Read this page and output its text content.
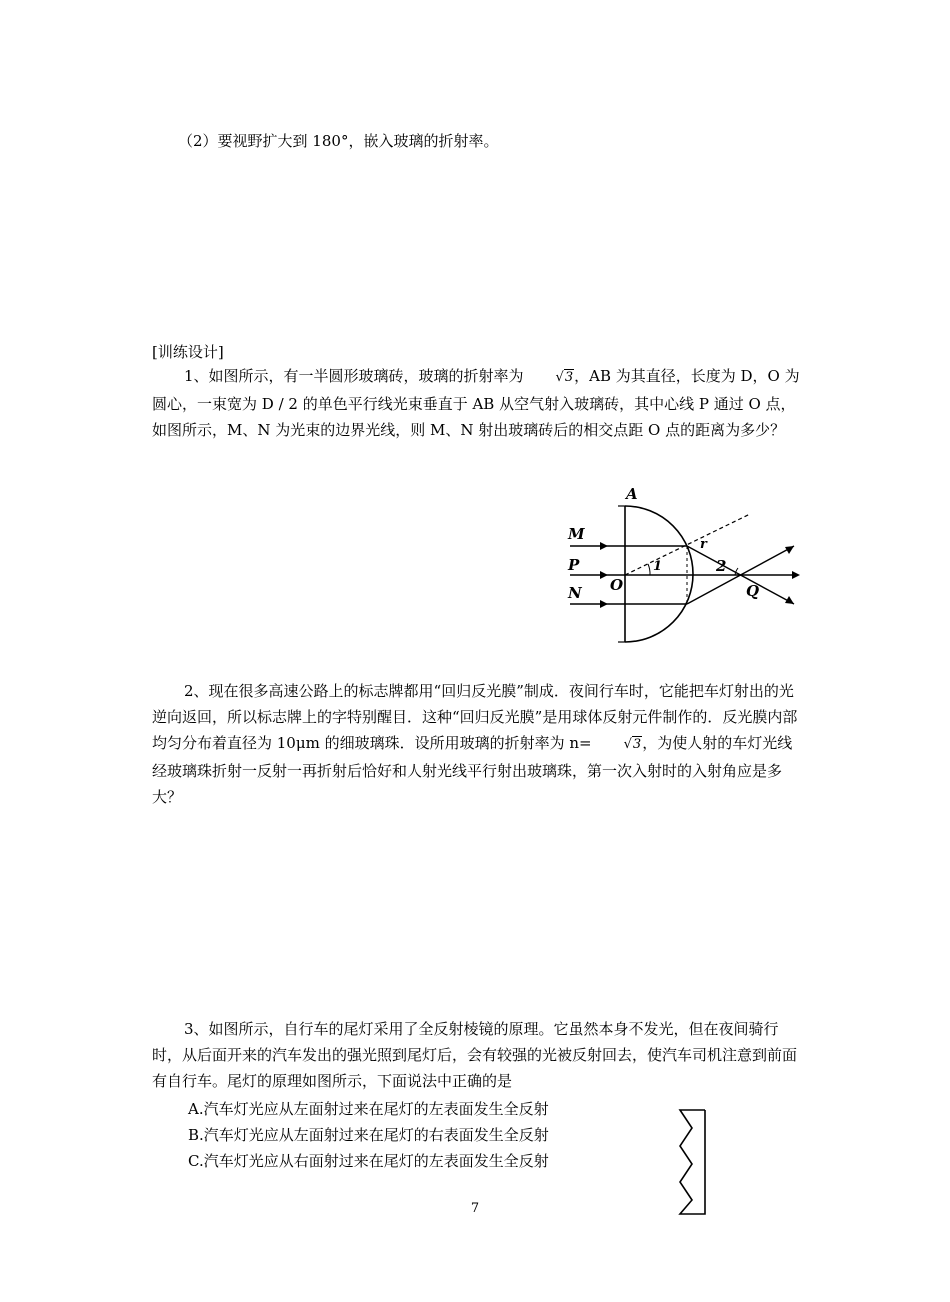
（2）要视野扩大到 180°，嵌入玻璃的折射率。

[训练设计]

1、如图所示，有一半圆形玻璃砖，玻璃的折射率为 √3，AB 为其直径，长度为 D，O 为圆心，一束宽为 D / 2 的单色平行线光束垂直于 AB 从空气射入玻璃砖，其中心线 P 通过 O 点，如图所示，M、N 为光束的边界光线，则 M、N 射出玻璃砖后的相交点距 O 点的距离为多少？

A
M
P
N O	Q
r
1	2

2、现在很多高速公路上的标志牌都用“回归反光膜”制成．夜间行车时，它能把车灯射出的光逆向返回，所以标志牌上的字特别醒目．这种“回归反光膜”是用球体反射元件制作的．反光膜内部均匀分布着直径为 10μm 的细玻璃珠．设所用玻璃的折射率为 n= √3，为使人射的车灯光线经玻璃珠折射一反射一再折射后恰好和人射光线平行射出玻璃珠，第一次入射时的入射角应是多大？

3、如图所示，自行车的尾灯采用了全反射棱镜的原理。它虽然本身不发光，但在夜间骑行时，从后面开来的汽车发出的强光照到尾灯后，会有较强的光被反射回去，使汽车司机注意到前面有自行车。尾灯的原理如图所示，下面说法中正确的是

A.汽车灯光应从左面射过来在尾灯的左表面发生全反射
B.汽车灯光应从左面射过来在尾灯的右表面发生全反射
C.汽车灯光应从右面射过来在尾灯的左表面发生全反射
7
